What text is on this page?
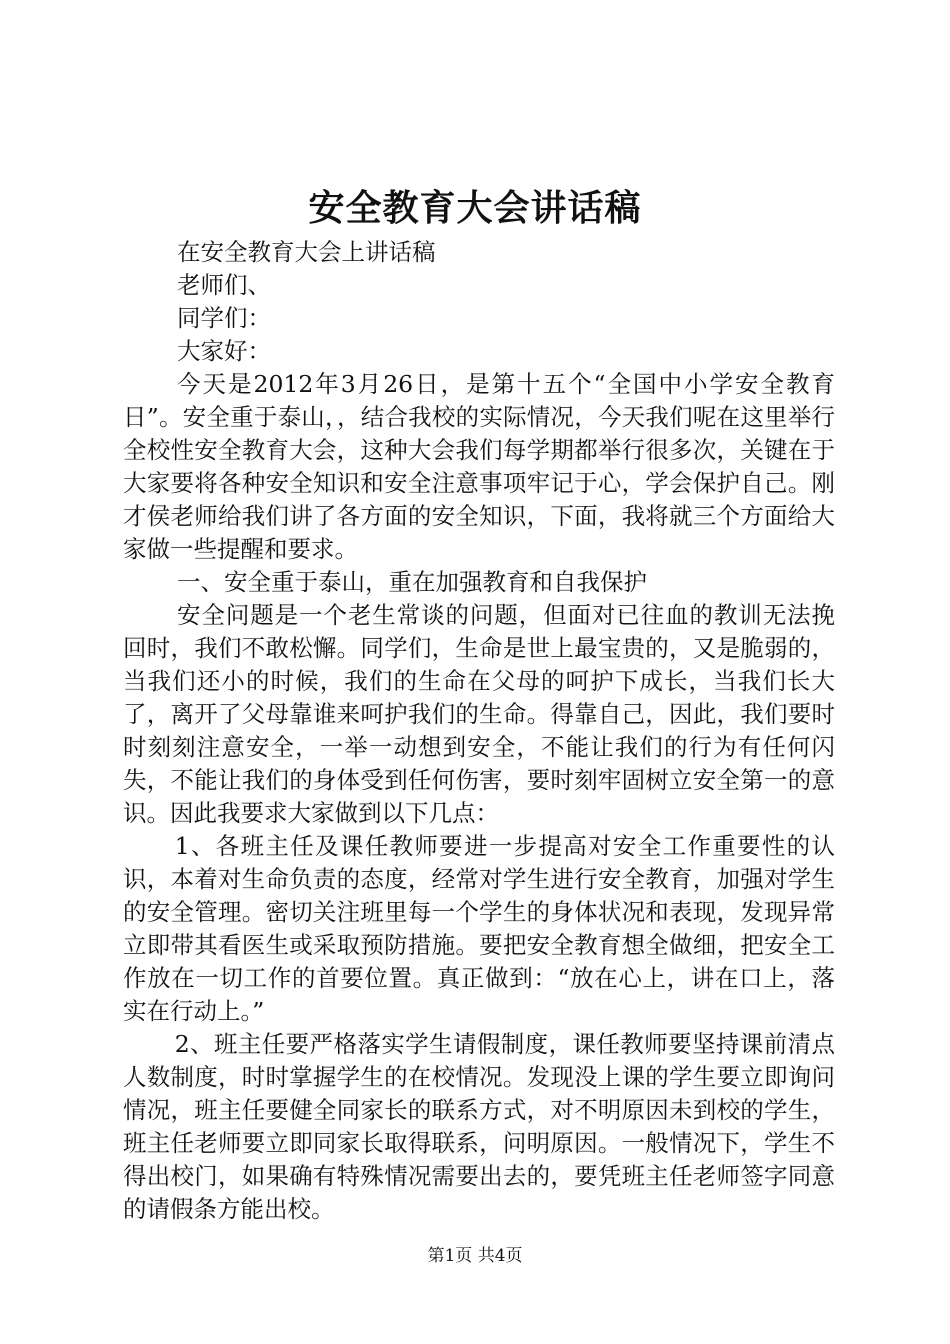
安全教育大会讲话稿

在安全教育大会上讲话稿

老师们、

同学们：

大家好：

今天是2012年3月26日，是第十五个“全国中小学安全教育日”。安全重于泰山，，结合我校的实际情况，今天我们呢在这里举行全校性安全教育大会，这种大会我们每学期都举行很多次，关键在于大家要将各种安全知识和安全注意事项牢记于心，学会保护自己。刚才侯老师给我们讲了各方面的安全知识，下面，我将就三个方面给大家做一些提醒和要求。

一、安全重于泰山，重在加强教育和自我保护

安全问题是一个老生常谈的问题，但面对已往血的教训无法挽回时，我们不敢松懈。同学们，生命是世上最宝贵的，又是脆弱的，当我们还小的时候，我们的生命在父母的呵护下成长，当我们长大了，离开了父母靠谁来呵护我们的生命。得靠自己，因此，我们要时时刻刻注意安全，一举一动想到安全，不能让我们的行为有任何闪失，不能让我们的身体受到任何伤害，要时刻牢固树立安全第一的意识。因此我要求大家做到以下几点：

1、各班主任及课任教师要进一步提高对安全工作重要性的认识，本着对生命负责的态度，经常对学生进行安全教育，加强对学生的安全管理。密切关注班里每一个学生的身体状况和表现，发现异常立即带其看医生或采取预防措施。要把安全教育想全做细，把安全工作放在一切工作的首要位置。真正做到：“放在心上，讲在口上，落实在行动上。”

2、班主任要严格落实学生请假制度，课任教师要坚持课前清点人数制度，时时掌握学生的在校情况。发现没上课的学生要立即询问情况，班主任要健全同家长的联系方式，对不明原因未到校的学生，班主任老师要立即同家长取得联系，问明原因。一般情况下，学生不得出校门，如果确有特殊情况需要出去的，要凭班主任老师签字同意的请假条方能出校。

第1页 共4页
